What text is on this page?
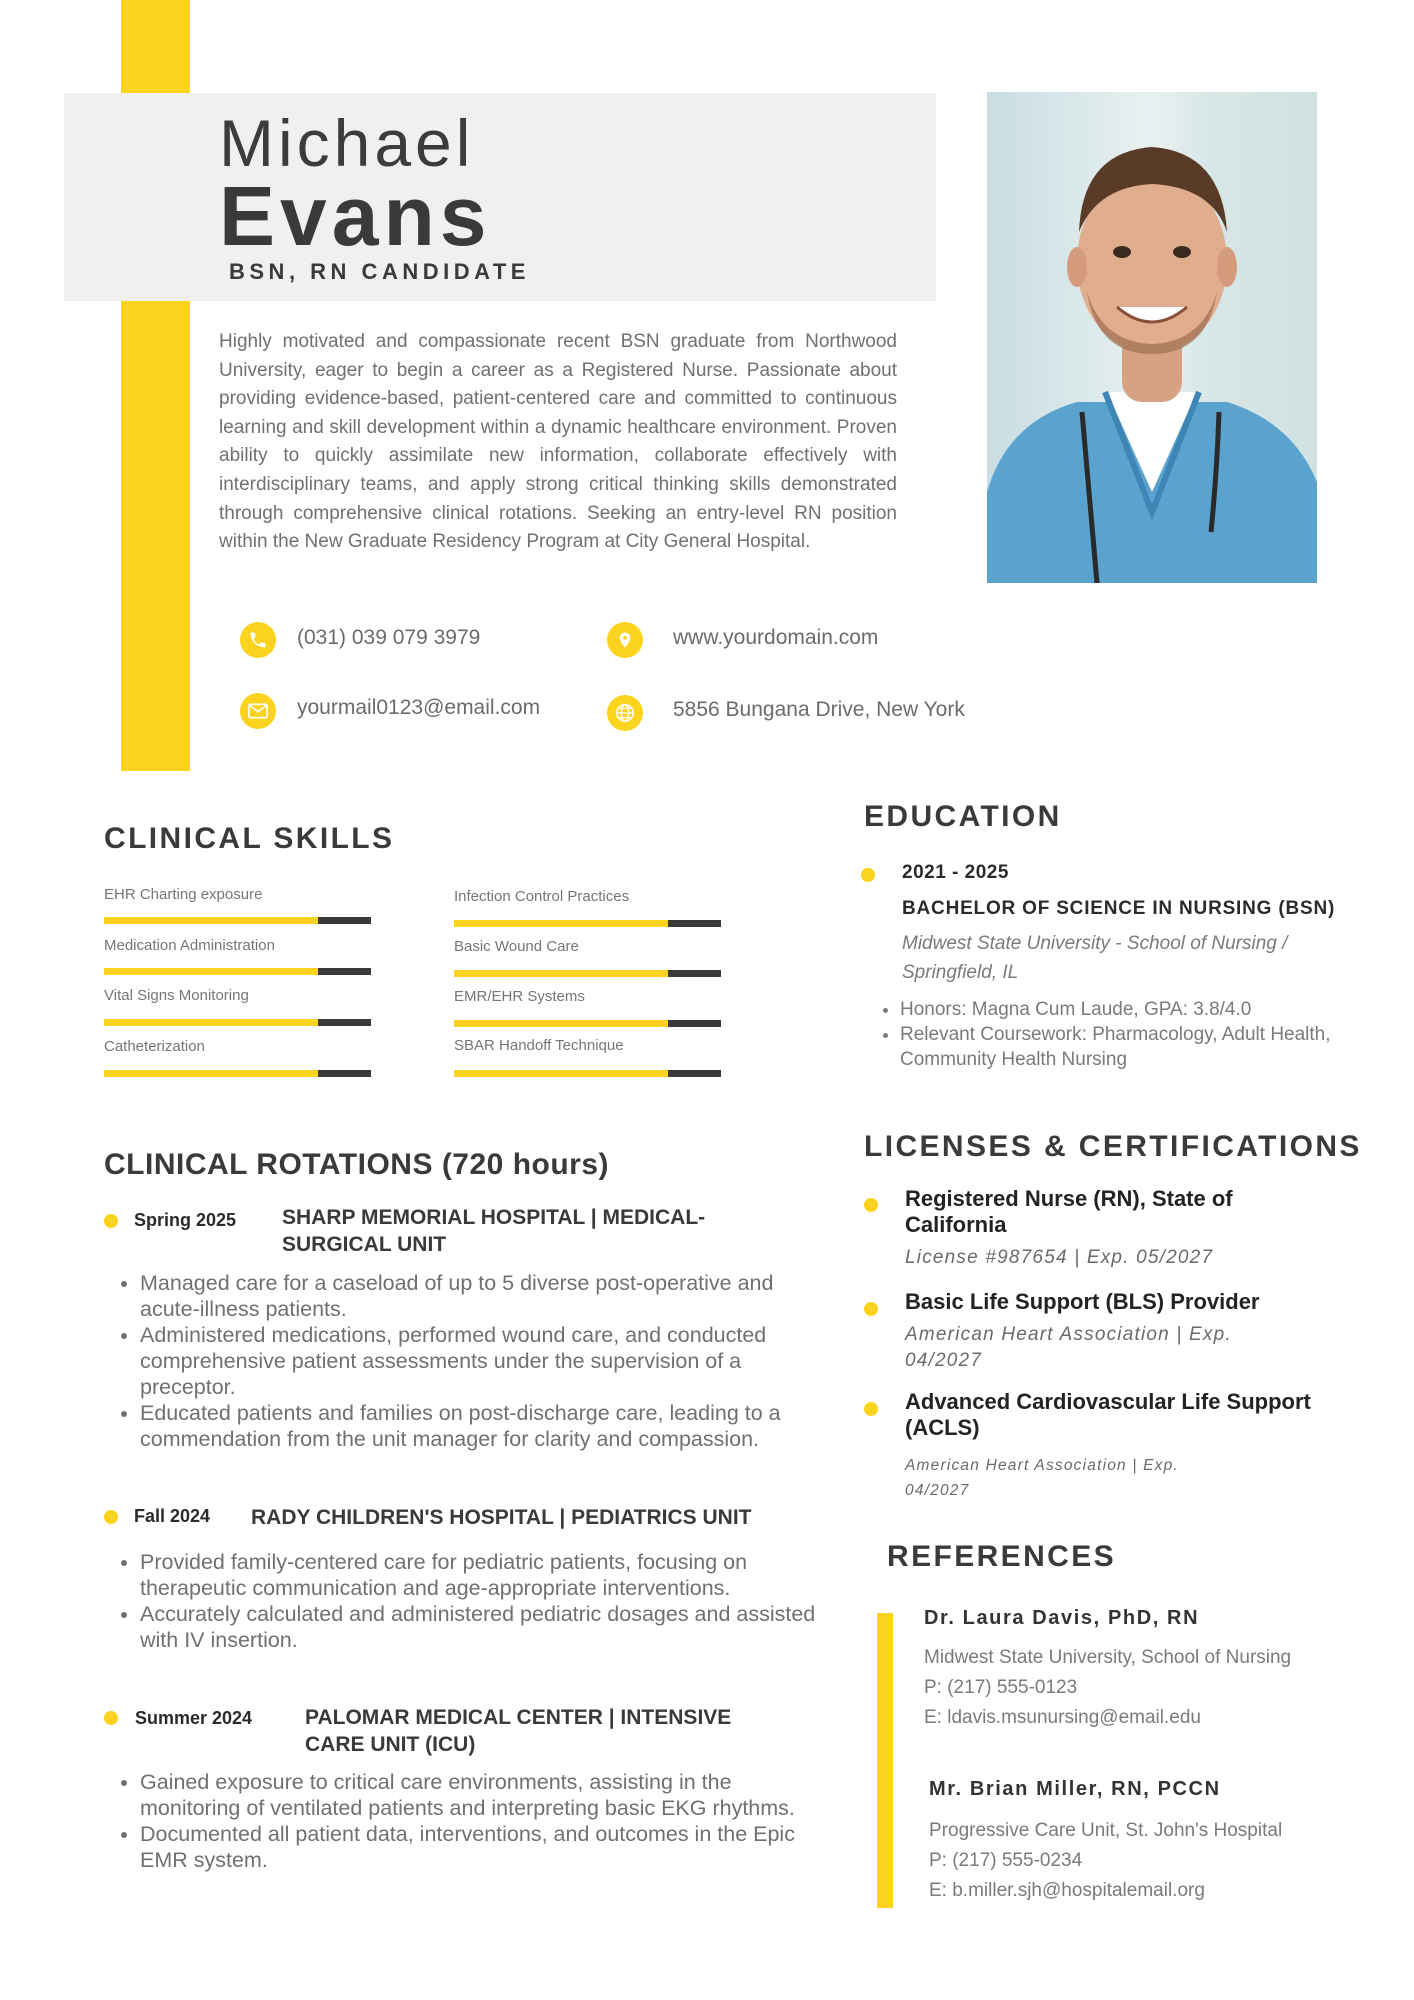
Michael
Evans
BSN, RN CANDIDATE
Highly motivated and compassionate recent BSN graduate from Northwood University, eager to begin a career as a Registered Nurse. Passionate about providing evidence-based, patient-centered care and committed to continuous learning and skill development within a dynamic healthcare environment. Proven ability to quickly assimilate new information, collaborate effectively with interdisciplinary teams, and apply strong critical thinking skills demonstrated through comprehensive clinical rotations. Seeking an entry-level RN position within the New Graduate Residency Program at City General Hospital.
(031) 039 079 3979	www.yourdomain.com
yourmail0123@email.com	5856 Bungana Drive, New York
CLINICAL SKILLS
EHR Charting exposure
Medication Administration
Vital Signs Monitoring
Catheterization
Infection Control Practices
Basic Wound Care
EMR/EHR Systems
SBAR Handoff Technique
CLINICAL ROTATIONS (720 hours)
Spring 2025 SHARP MEMORIAL HOSPITAL | MEDICAL-SURGICAL UNIT
• Managed care for a caseload of up to 5 diverse post-operative and acute-illness patients.
• Administered medications, performed wound care, and conducted comprehensive patient assessments under the supervision of a preceptor.
• Educated patients and families on post-discharge care, leading to a commendation from the unit manager for clarity and compassion.
Fall 2024 RADY CHILDREN'S HOSPITAL | PEDIATRICS UNIT
• Provided family-centered care for pediatric patients, focusing on therapeutic communication and age-appropriate interventions.
• Accurately calculated and administered pediatric dosages and assisted with IV insertion.
Summer 2024	PALOMAR MEDICAL CENTER | INTENSIVE CARE UNIT (ICU)
• Gained exposure to critical care environments, assisting in the monitoring of ventilated patients and interpreting basic EKG rhythms.
• Documented all patient data, interventions, and outcomes in the Epic EMR system.
EDUCATION
2021 - 2025
BACHELOR OF SCIENCE IN NURSING (BSN)
Midwest State University - School of Nursing / Springfield, IL
• Honors: Magna Cum Laude, GPA: 3.8/4.0
• Relevant Coursework: Pharmacology, Adult Health, Community Health Nursing
LICENSES & CERTIFICATIONS
Registered Nurse (RN), State of California
License #987654 | Exp. 05/2027
Basic Life Support (BLS) Provider
American Heart Association | Exp. 04/2027
Advanced Cardiovascular Life Support (ACLS)
American Heart Association | Exp. 04/2027
REFERENCES
Dr. Laura Davis, PhD, RN
Midwest State University, School of Nursing
P: (217) 555-0123
E: ldavis.msunursing@email.edu
Mr. Brian Miller, RN, PCCN
Progressive Care Unit, St. John's Hospital
P: (217) 555-0234
E: b.miller.sjh@hospitalemail.org
